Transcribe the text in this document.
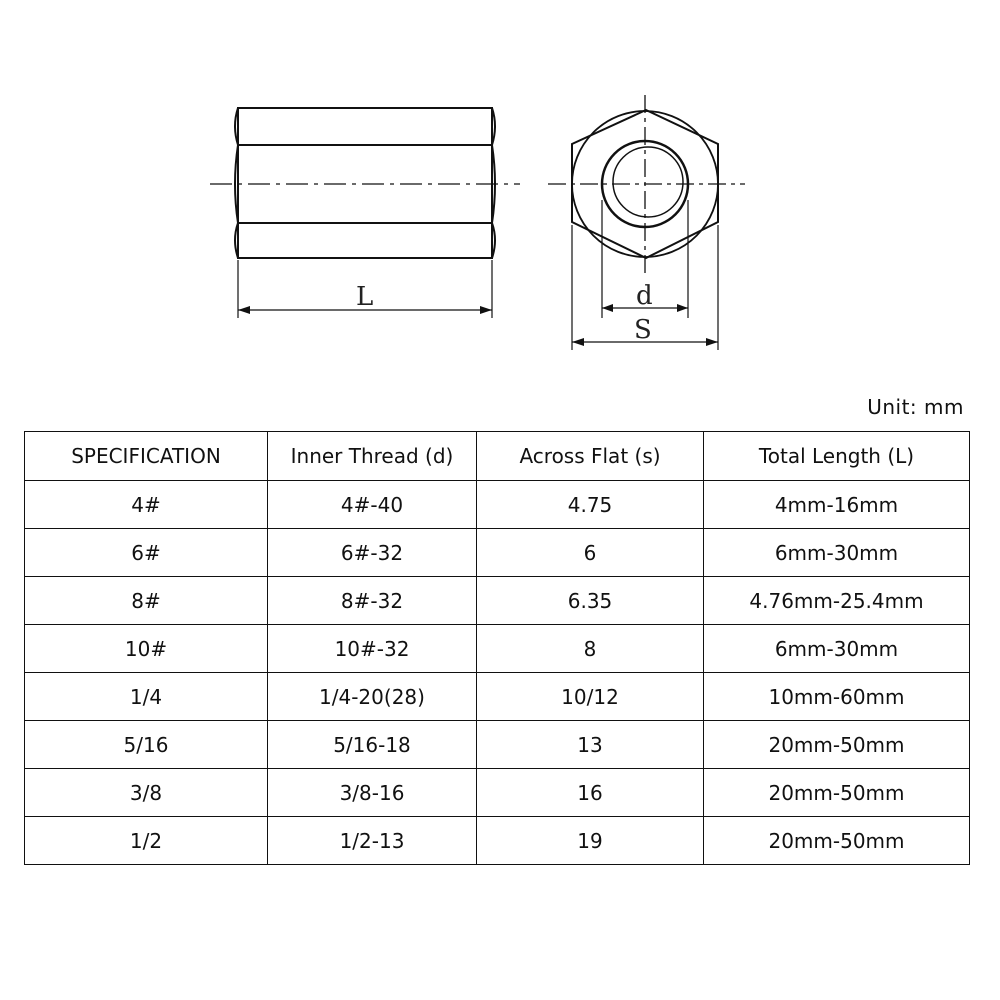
L	d
S
Unit: mm
SPECIFICATION	Inner Thread (d)	Across Flat (s)	Total Length (L)
4#	4#-40	4.75	4mm-16mm
6#	6#-32	6	6mm-30mm
8#	8#-32	6.35	4.76mm-25.4mm
10#	10#-32	8	6mm-30mm
1/4	1/4-20(28)	10/12	10mm-60mm
5/16	5/16-18	13	20mm-50mm
3/8	3/8-16	16	20mm-50mm
1/2	1/2-13	19	20mm-50mm
